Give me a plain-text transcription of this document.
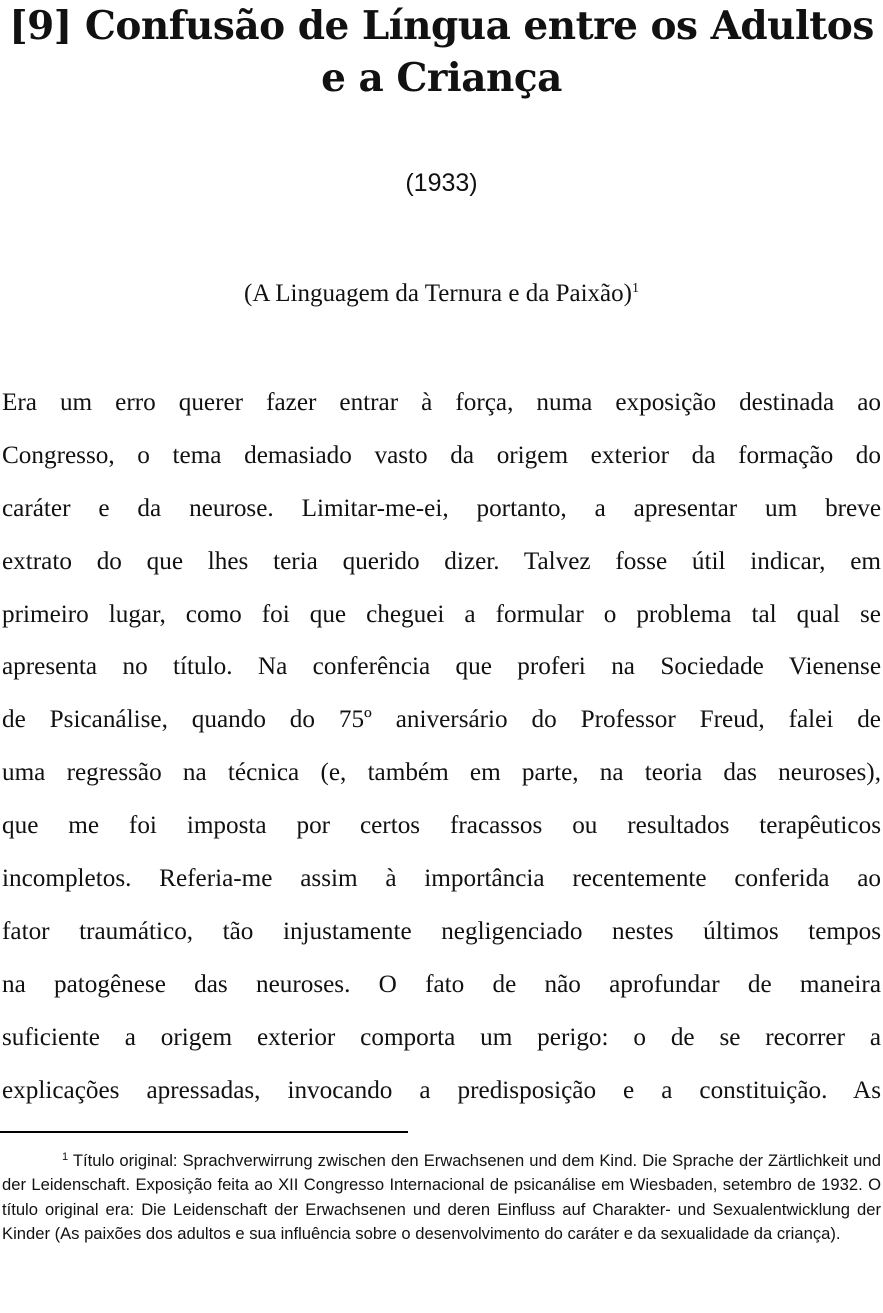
[9] Confusão de Língua entre os Adultos
e a Criança
(1933)
(A Linguagem da Ternura e da Paixão)$^1$
Era um erro querer fazer entrar à força, numa exposição destinada ao
Congresso, o tema demasiado vasto da origem exterior da formação do
caráter e da neurose. Limitar-me-ei, portanto, a apresentar um breve
extrato do que lhes teria querido dizer. Talvez fosse útil indicar, em
primeiro lugar, como foi que cheguei a formular o problema tal qual se
apresenta no título. Na conferência que proferi na Sociedade Vienense
de Psicanálise, quando do 75º aniversário do Professor Freud, falei de
uma regressão na técnica (e, também em parte, na teoria das neuroses),
que me foi imposta por certos fracassos ou resultados terapêuticos
incompletos. Referia-me assim à importância recentemente conferida ao
fator traumático, tão injustamente negligenciado nestes últimos tempos
na patogênese das neuroses. O fato de não aprofundar de maneira
suficiente a origem exterior comporta um perigo: o de se recorrer a
explicações apressadas, invocando a predisposição e a constituição. As

$^1$ Título original: Sprachverwirrung zwischen den Erwachsenen und dem Kind. Die Sprache der Zärtlichkeit und der Leidenschaft. Exposição feita ao XII Congresso Internacional de psicanálise em Wiesbaden, setembro de 1932. O título original era: Die Leidenschaft der Erwachsenen und deren Einfluss auf Charakter- und Sexualentwicklung der Kinder (As paixões dos adultos e sua influência sobre o desenvolvimento do caráter e da sexualidade da criança).
